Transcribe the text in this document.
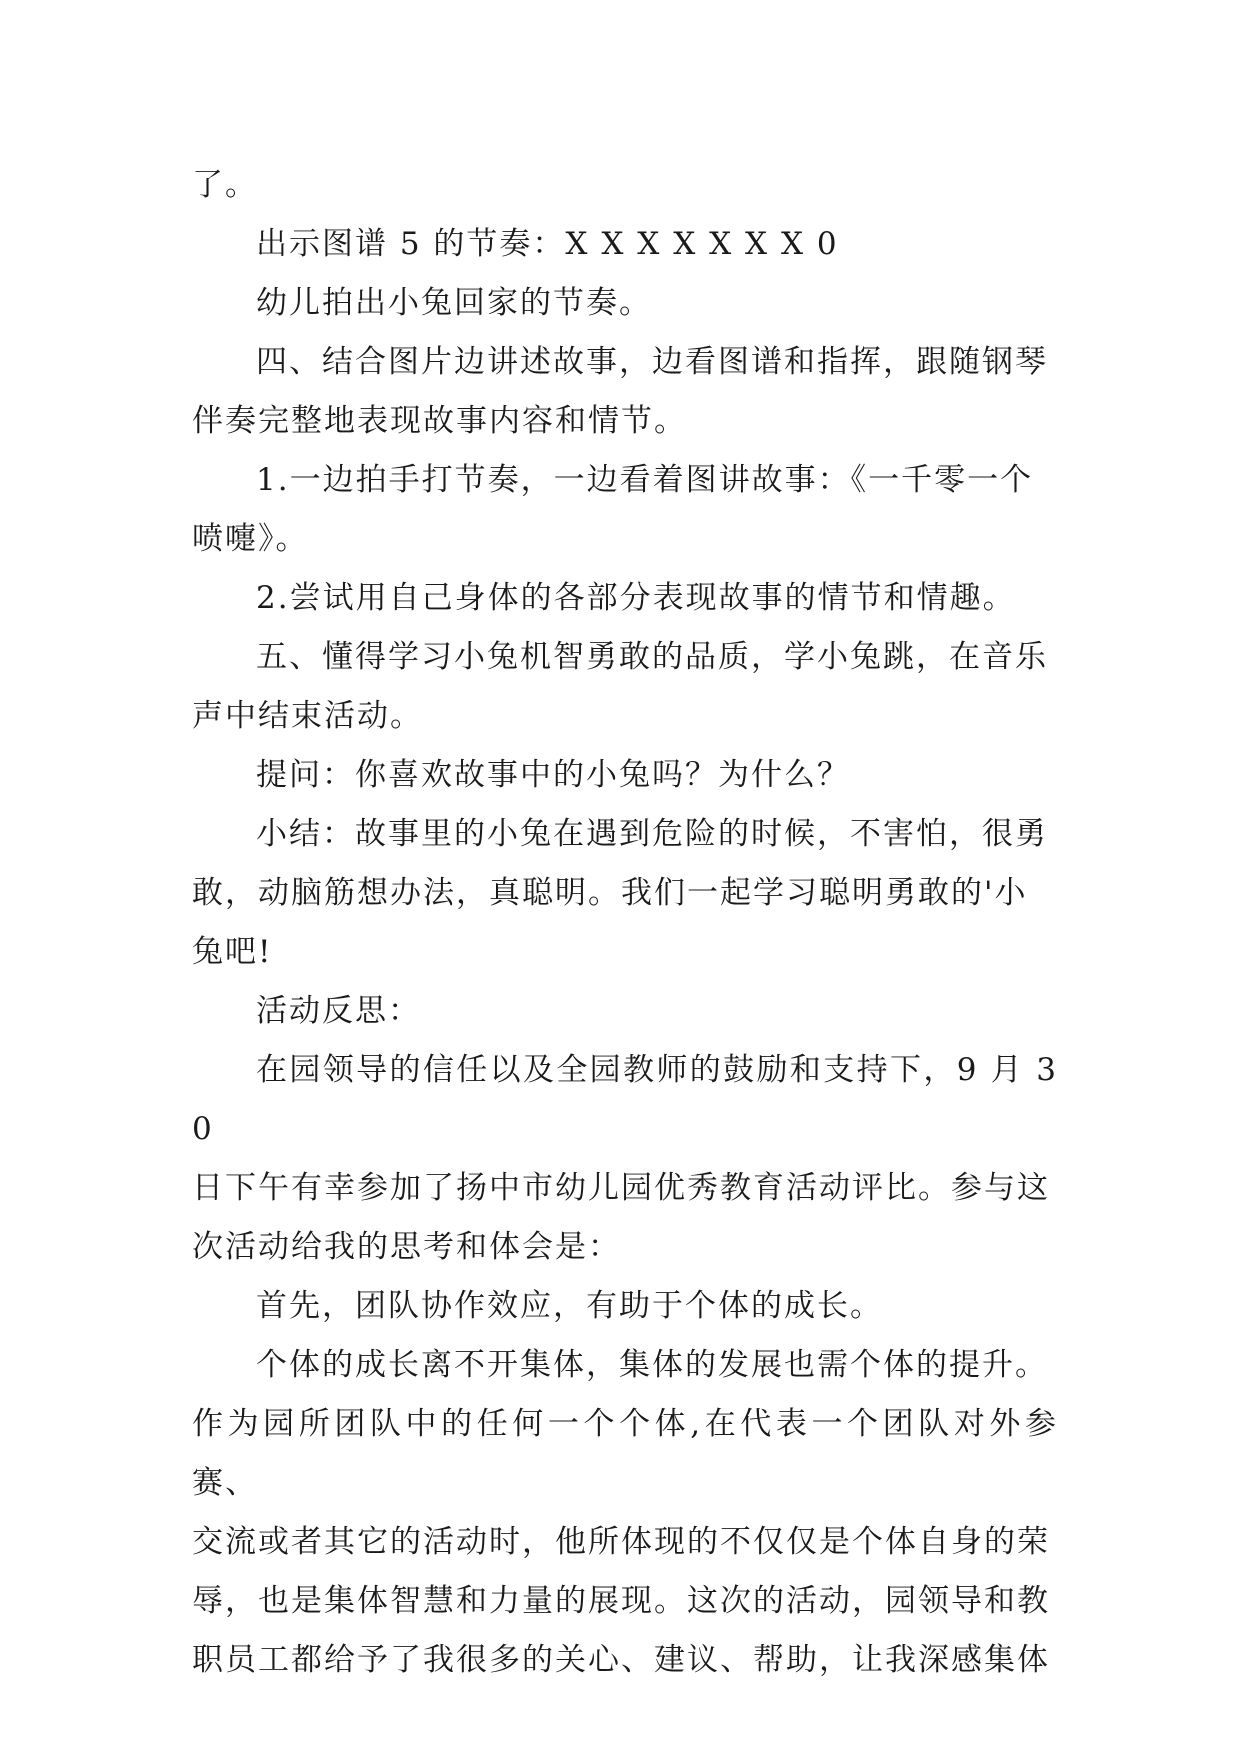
了。

出示图谱 5 的节奏：X X X X X X X 0

幼儿拍出小兔回家的节奏。

四、结合图片边讲述故事，边看图谱和指挥，跟随钢琴
伴奏完整地表现故事内容和情节。

1.一边拍手打节奏，一边看着图讲故事：《一千零一个
喷嚏》。

2.尝试用自己身体的各部分表现故事的情节和情趣。

五、懂得学习小兔机智勇敢的品质，学小兔跳，在音乐
声中结束活动。

提问：你喜欢故事中的小兔吗？为什么？

小结：故事里的小兔在遇到危险的时候，不害怕，很勇
敢，动脑筋想办法，真聪明。我们一起学习聪明勇敢的'小
兔吧!

活动反思：

在园领导的信任以及全园教师的鼓励和支持下，9 月 30
日下午有幸参加了扬中市幼儿园优秀教育活动评比。参与这
次活动给我的思考和体会是：

首先，团队协作效应，有助于个体的成长。

个体的成长离不开集体，集体的发展也需个体的提升。
作为园所团队中的任何一个个体,在代表一个团队对外参赛、
交流或者其它的活动时，他所体现的不仅仅是个体自身的荣
辱，也是集体智慧和力量的展现。这次的活动，园领导和教
职员工都给予了我很多的关心、建议、帮助，让我深感集体
